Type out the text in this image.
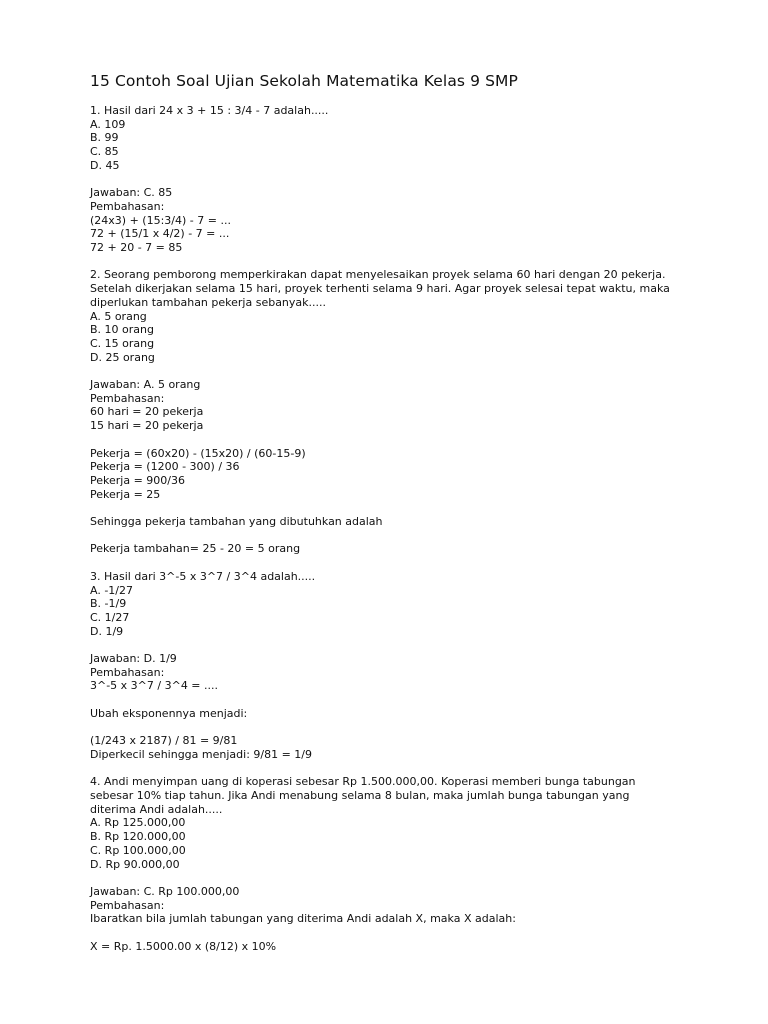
15 Contoh Soal Ujian Sekolah Matematika Kelas 9 SMP
1. Hasil dari 24 x 3 + 15 : 3/4 - 7 adalah.....
A. 109
B. 99
C. 85
D. 45
Jawaban: C. 85
Pembahasan:
(24x3) + (15:3/4) - 7 = ...
72 + (15/1 x 4/2) - 7 = ...
72 + 20 - 7 = 85
2. Seorang pemborong memperkirakan dapat menyelesaikan proyek selama 60 hari dengan 20 pekerja.
Setelah dikerjakan selama 15 hari, proyek terhenti selama 9 hari. Agar proyek selesai tepat waktu, maka
diperlukan tambahan pekerja sebanyak.....
A. 5 orang
B. 10 orang
C. 15 orang
D. 25 orang
Jawaban: A. 5 orang
Pembahasan:
60 hari = 20 pekerja
15 hari = 20 pekerja
Pekerja = (60x20) - (15x20) / (60-15-9)
Pekerja = (1200 - 300) / 36
Pekerja = 900/36
Pekerja = 25
Sehingga pekerja tambahan yang dibutuhkan adalah
Pekerja tambahan= 25 - 20 = 5 orang
3. Hasil dari 3^-5 x 3^7 / 3^4 adalah.....
A. -1/27
B. -1/9
C. 1/27
D. 1/9
Jawaban: D. 1/9
Pembahasan:
3^-5 x 3^7 / 3^4 = ....
Ubah eksponennya menjadi:
(1/243 x 2187) / 81 = 9/81
Diperkecil sehingga menjadi: 9/81 = 1/9
4. Andi menyimpan uang di koperasi sebesar Rp 1.500.000,00. Koperasi memberi bunga tabungan
sebesar 10% tiap tahun. Jika Andi menabung selama 8 bulan, maka jumlah bunga tabungan yang
diterima Andi adalah.....
A. Rp 125.000,00
B. Rp 120.000,00
C. Rp 100.000,00
D. Rp 90.000,00
Jawaban: C. Rp 100.000,00
Pembahasan:
Ibaratkan bila jumlah tabungan yang diterima Andi adalah X, maka X adalah:
X = Rp. 1.5000.00 x (8/12) x 10%
